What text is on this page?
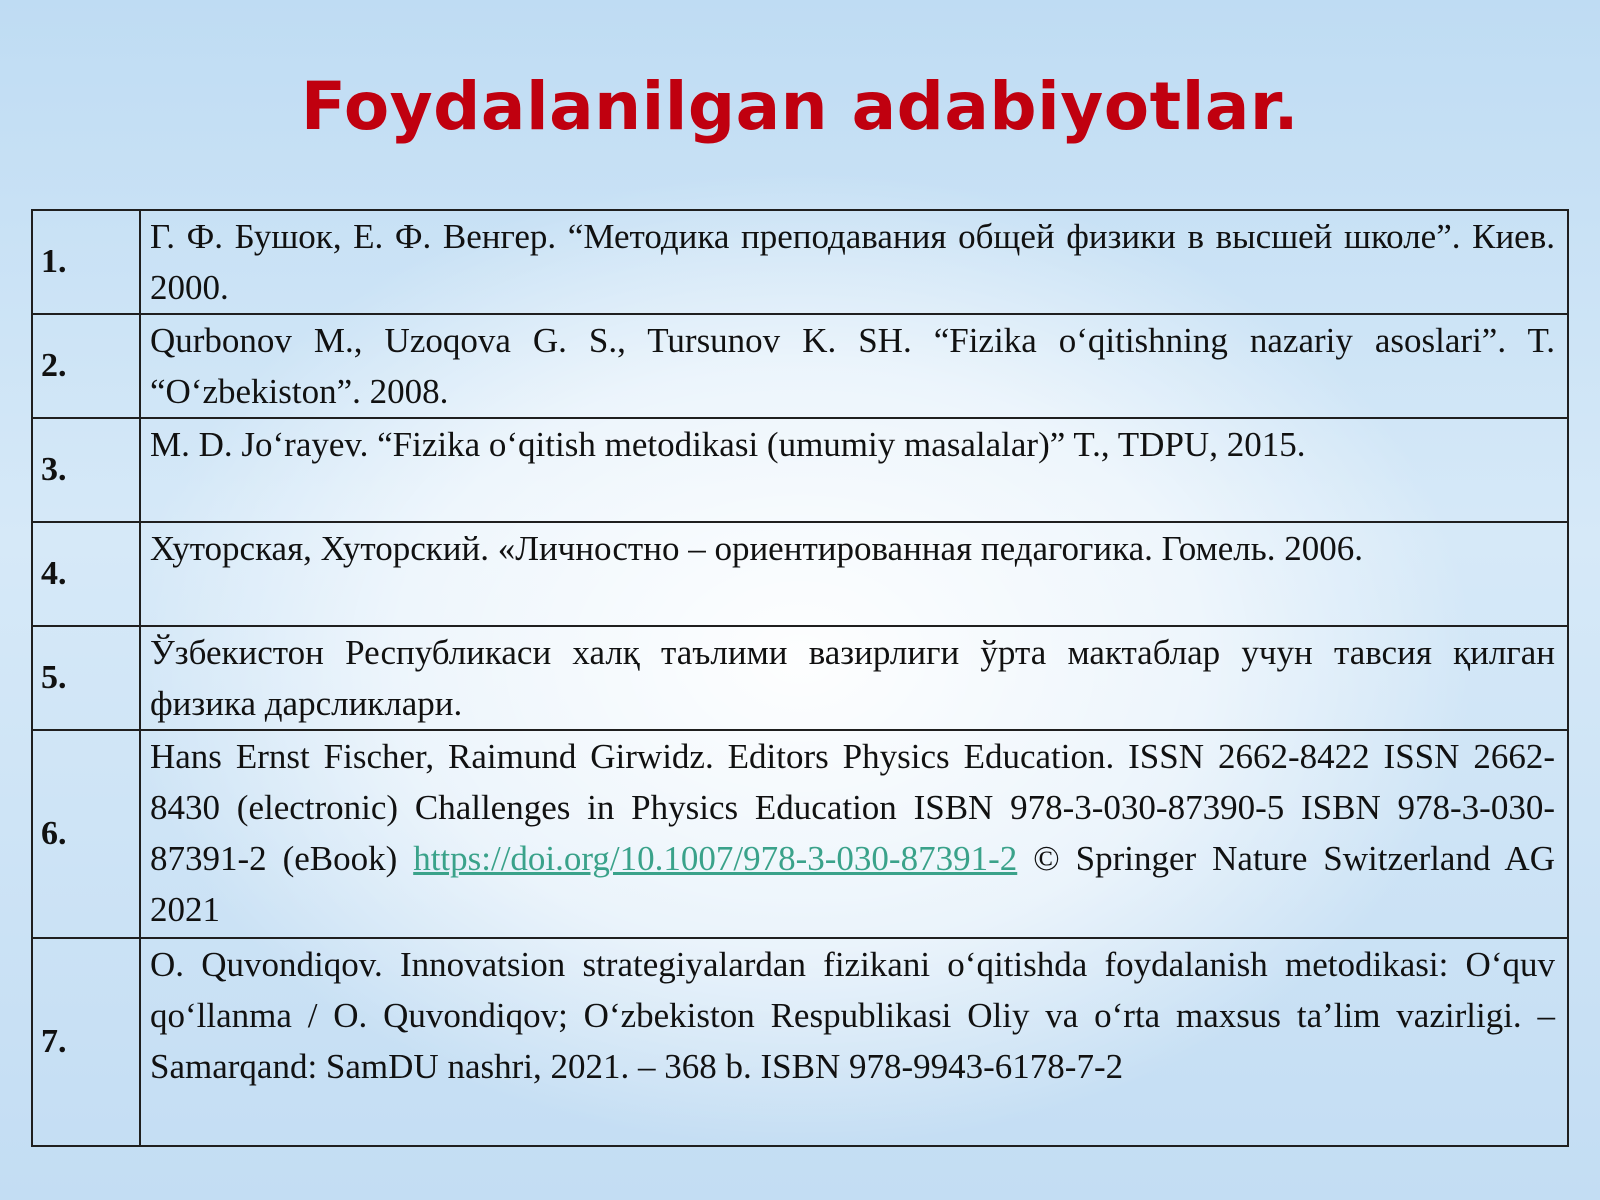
Foydalanilgan adabiyotlar.
1.	Г. Ф. Бушок, Е. Ф. Венгер. “Методика преподавания общей физики в высшей школе”. Киев. 2000.
2.	Qurbonov M., Uzoqova G. S., Tursunov K. SH. “Fizika o‘qitishning nazariy asoslari”. T. “O‘zbekiston”. 2008.
3.	M. D. Jo‘rayev. “Fizika o‘qitish metodikasi (umumiy masalalar)” T., TDPU, 2015.
4.	Хуторская, Хуторский. «Личностно – ориентированная педагогика. Гомель. 2006.
5.	Ўзбекистон Республикаси халқ таълими вазирлиги ўрта мактаблар учун тавсия қилган физика дарсликлари.
6.	Hans Ernst Fischer, Raimund Girwidz. Editors Physics Education. ISSN 2662-8422 ISSN 2662-8430 (electronic) Challenges in Physics Education ISBN 978-3-030-87390-5 ISBN 978-3-030-87391-2 (eBook) https://doi.org/10.1007/978-3-030-87391-2 © Springer Nature Switzerland AG 2021
7.	O. Quvondiqov. Innovatsion strategiyalardan fizikani o‘qitishda foydalanish metodikasi: O‘quv qo‘llanma / O. Quvondiqov; O‘zbekiston Respublikasi Oliy va o‘rta maxsus ta’lim vazirligi. – Samarqand: SamDU nashri, 2021. – 368 b. ISBN 978-9943-6178-7-2
